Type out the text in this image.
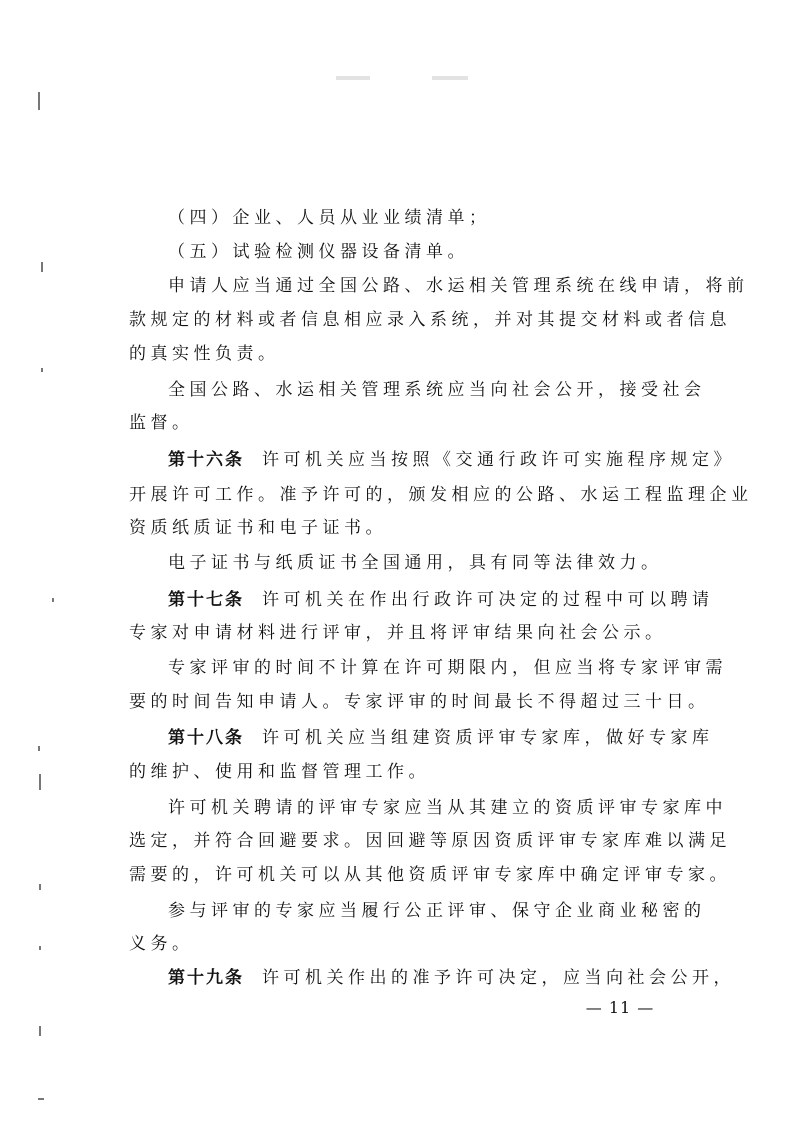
（四）企业、人员从业业绩清单；
（五）试验检测仪器设备清单。
申请人应当通过全国公路、水运相关管理系统在线申请，将前
款规定的材料或者信息相应录入系统，并对其提交材料或者信息
的真实性负责。
全国公路、水运相关管理系统应当向社会公开，接受社会
监督。
第十六条 许可机关应当按照《交通行政许可实施程序规定》
开展许可工作。准予许可的，颁发相应的公路、水运工程监理企业
资质纸质证书和电子证书。
电子证书与纸质证书全国通用，具有同等法律效力。
第十七条 许可机关在作出行政许可决定的过程中可以聘请
专家对申请材料进行评审，并且将评审结果向社会公示。
专家评审的时间不计算在许可期限内，但应当将专家评审需
要的时间告知申请人。专家评审的时间最长不得超过三十日。
第十八条 许可机关应当组建资质评审专家库，做好专家库
的维护、使用和监督管理工作。
许可机关聘请的评审专家应当从其建立的资质评审专家库中
选定，并符合回避要求。因回避等原因资质评审专家库难以满足
需要的，许可机关可以从其他资质评审专家库中确定评审专家。
参与评审的专家应当履行公正评审、保守企业商业秘密的
义务。
第十九条 许可机关作出的准予许可决定，应当向社会公开，
— 11 —
